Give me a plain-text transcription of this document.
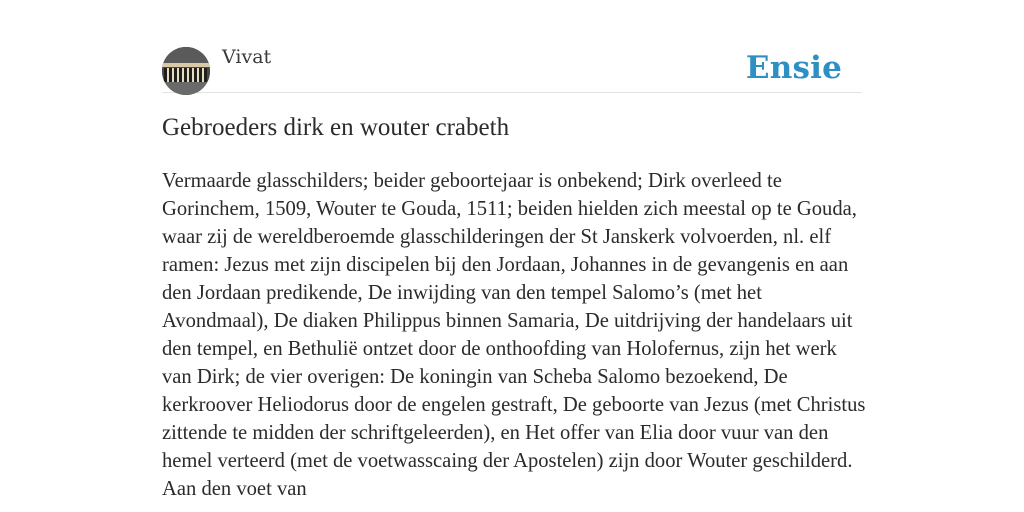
Vivat	Ensie
Gebroeders dirk en wouter crabeth

Vermaarde glasschilders; beider geboortejaar is onbekend; Dirk overleed te Gorinchem, 1509, Wouter te Gouda, 1511; beiden hielden zich meestal op te Gouda, waar zij de wereldberoemde glasschilderingen der St Janskerk volvoerden, nl. elf ramen: Jezus met zijn discipelen bij den Jordaan, Johannes in de gevangenis en aan den Jordaan predikende, De inwijding van den tempel Salomo’s (met het Avondmaal), De diaken Philippus binnen Samaria, De uitdrijving der handelaars uit den tempel, en Bethulië ontzet door de onthoofding van Holofernus, zijn het werk van Dirk; de vier overigen: De koningin van Scheba Salomo bezoekend, De kerkroover Heliodorus door de engelen gestraft, De geboorte van Jezus (met Christus zittende te midden der schriftgeleerden), en Het offer van Elia door vuur van den hemel verteerd (met de voetwasscaing der Apostelen) zijn door Wouter geschilderd. Aan den voet van
